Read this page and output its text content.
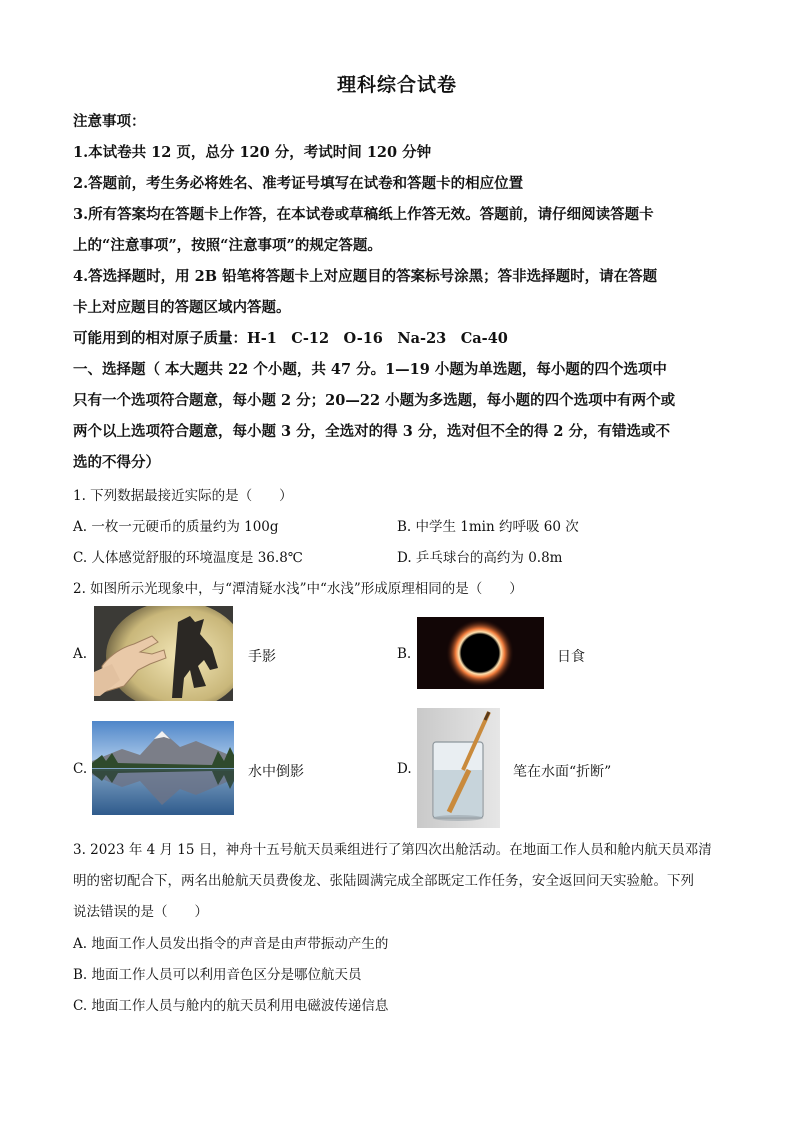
理科综合试卷
注意事项：
1.本试卷共 12 页，总分 120 分，考试时间 120 分钟
2.答题前，考生务必将姓名、准考证号填写在试卷和答题卡的相应位置
3.所有答案均在答题卡上作答，在本试卷或草稿纸上作答无效。答题前，请仔细阅读答题卡
上的“注意事项”，按照“注意事项”的规定答题。
4.答选择题时，用 2B 铅笔将答题卡上对应题目的答案标号涂黑；答非选择题时，请在答题
卡上对应题目的答题区域内答题。
可能用到的相对原子质量：H-1　C-12　O-16　Na-23　Ca-40
一、选择题（ 本大题共 22 个小题，共 47 分。1—19 小题为单选题，每小题的四个选项中
只有一个选项符合题意，每小题 2 分；20—22 小题为多选题，每小题的四个选项中有两个或
两个以上选项符合题意，每小题 3 分，全选对的得 3 分，选对但不全的得 2 分，有错选或不
选的不得分）
1. 下列数据最接近实际的是（　　）
A. 一枚一元硬币的质量约为 100g	B. 中学生 1min 约呼吸 60 次
C. 人体感觉舒服的环境温度是 36.8℃	D. 乒乓球台的高约为 0.8m
2. 如图所示光现象中，与“潭清疑水浅”中“水浅”形成原理相同的是（　　）
A.	手影	B.	日食
C.	水中倒影	D.	笔在水面“折断”
3. 2023 年 4 月 15 日，神舟十五号航天员乘组进行了第四次出舱活动。在地面工作人员和舱内航天员邓清
明的密切配合下，两名出舱航天员费俊龙、张陆圆满完成全部既定工作任务，安全返回问天实验舱。下列
说法错误的是（　　）
A. 地面工作人员发出指令的声音是由声带振动产生的
B. 地面工作人员可以利用音色区分是哪位航天员
C. 地面工作人员与舱内的航天员利用电磁波传递信息
